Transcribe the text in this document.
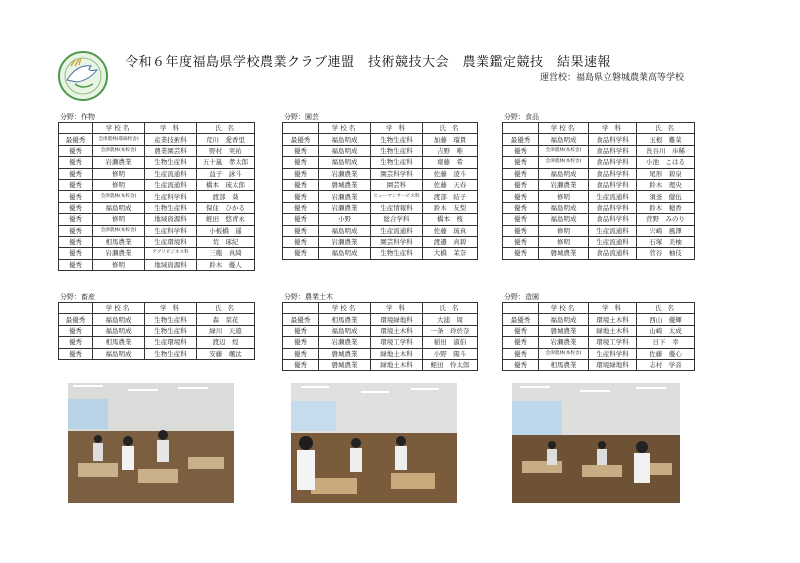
令和６年度福島県学校農業クラブ連盟　技術競技大会　農業鑑定競技　結果速報
運営校：福島県立磐城農業高等学校
分野：作物
	学校名	学 科	氏 名
最優秀	会津農林(耶麻校舎)	産業技術科	荒川　愛香里
優秀	会津農林(本校舎)	農業園芸科	野村　実祐
優秀	岩瀬農業	生物生産科	五十嵐　孝太郎
優秀	修明	生産流通科	益子　詠斗
優秀	修明	生産流通科	橋本　琉太郎
優秀	会津農林(本校舎)	生産科学科	渡部　葵
優秀	福島明成	生物生産科	保住　ひかる
優秀	修明	地域資源科	蛭田　悠青永
優秀	会津農林(本校舎)	生産科学科	小板橋　遥
優秀	相馬農業	生産環境科	荒　琢紀
優秀	岩瀬農業	アグリビジネス科	三瓶　真綺
優秀	修明	地域資源科	鈴木　優人
分野：園芸
	学校名	学 科	氏 名
最優秀	福島明成	生物生産科	加藤　瑠貴
優秀	福島明成	生物生産科	吉野　唯
優秀	福島明成	生物生産科	齋藤　希
優秀	岩瀬農業	園芸科学科	佐藤　凌斗
優秀	磐城農業	園芸科	佐藤　天春
優秀	岩瀬農業	ヒューマンサービス科	渡部　結子
優秀	岩瀬農業	生産情報科	鈴木　友梨
優秀	小野	総合学科	橋本　桜
優秀	福島明成	生産流通科	佐藤　琉真
優秀	岩瀬農業	園芸科学科	渡邉　真碧
優秀	福島明成	生物生産科	大橋　茉奈
分野：食品
	学校名	学 科	氏 名
最優秀	福島明成	食品科学科	玉根　難菜
優秀	会津農林(本校舎)	食品科学科	長谷川　歩稀
優秀	会津農林(本校舎)	食品科学科	小池　こはる
優秀	福島明成	食品科学科	尾形　碧泉
優秀	岩瀬農業	食品科学科	鈴木　理央
優秀	修明	生産流通科	須釜　健伍
優秀	福島明成	食品科学科	鈴木　穂香
優秀	福島明成	食品科学科	菅野　みのり
優秀	修明	生産流通科	宍崎　風澤
優秀	修明	生産流通科	石塚　美柚
優秀	磐城農業	食品流通科	菅谷　柚伎
分野：畜産
	学校名	学 科	氏 名
最優秀	福島明成	生物生産科	森　栞花
優秀	福島明成	生物生産科	緑川　天遊
優秀	相馬農業	生産環境科	渡辺　煌
優秀	福島明成	生物生産科	安藤　颯汰
分野：農業土木
	学校名	学 科	氏 名
最優秀	相馬農業	環境緑地科	大浦　周
優秀	福島明成	環境土木科	一条　玲於奈
優秀	岩瀬農業	環境工学科	稲田　淑伯
優秀	磐城農業	緑地土木科	小野　陽斗
優秀	磐城農業	緑地土木科	蛭田　怜太郎
分野：造園
	学校名	学 科	氏 名
最優秀	福島明成	環境土木科	西山　優輝
優秀	磐城農業	緑地土木科	山崎　太成
優秀	岩瀬農業	環境工学科	日下　幸
優秀	会津農林(本校舎)	生産科学科	佐藤　優心
優秀	相馬農業	環境緑地科	志村　学音
